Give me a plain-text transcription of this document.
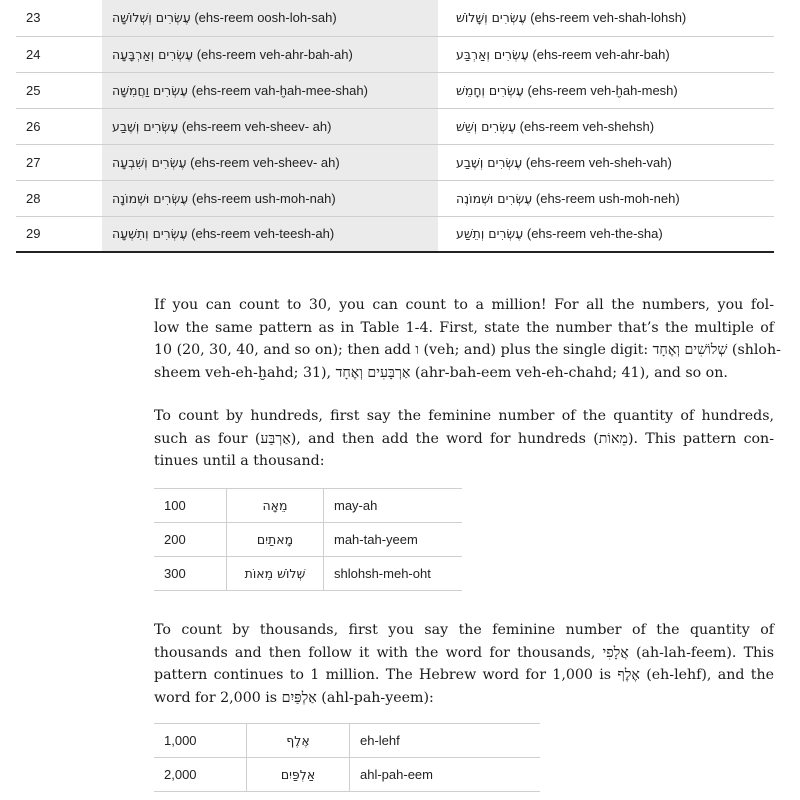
23	עֶשְׂרִים וְשְׁלוֹשָׁה (ehs-reem oosh-loh-sah)	עֶשְׂרִים וְשָׁלוֹשׁ (ehs-reem veh-shah-lohsh)
24	עֶשְׂרִים וְאַרְבָּעָה (ehs-reem veh-ahr-bah-ah)	עֶשְׂרִים וְאַרְבַּע (ehs-reem veh-ahr-bah)
25	עֶשְׂרִים וַחֲמִשָּׁה (ehs-reem vah-ḫah-mee-shah)	עֶשְׂרִים וְחָמֵשׁ (ehs-reem veh-ḫah-mesh)
26	עֶשְׂרִים וְשֶׁבַע (ehs-reem veh-sheev- ah)	עֶשְׂרִים וְשֵׁשׁ (ehs-reem veh-shehsh)
27	עֶשְׂרִים וְשִׁבְעָה (ehs-reem veh-sheev- ah)	עֶשְׂרִים וְשֶׁבַע (ehs-reem veh-sheh-vah)
28	עֶשְׂרִים וּשְׁמוֹנָה (ehs-reem ush-moh-nah)	עֶשְׂרִים וּשְׁמוֹנֶה (ehs-reem ush-moh-neh)
29	עֶשְׂרִים וְתִשְׁעָה (ehs-reem veh-teesh-ah)	עֶשְׂרִים וְתֵשַׁע (ehs-reem veh-the-sha)
If you can count to 30, you can count to a million! For all the numbers, you fol-
low the same pattern as in Table 1-4. First, state the number that’s the multiple of
10 (20, 30, 40, and so on); then add ו (veh; and) plus the single digit: שְׁלוֹשִׁים וְאֶחָד (shloh-
sheem veh-eh-ḫahd; 31), אַרְבָּעִים וְאֶחָד (ahr-bah-eem veh-eh-chahd; 41), and so on.
To count by hundreds, first say the feminine number of the quantity of hundreds,
such as four (אַרְבַּע), and then add the word for hundreds (מֵאוֹת). This pattern con-
tinues until a thousand:
100	מֵאָה	may-ah
200	מָאתַיִם	mah-tah-yeem
300	שְׁלוֹשׁ מֵאוֹת	shlohsh-meh-oht
To count by thousands, first you say the feminine number of the quantity of
thousands and then follow it with the word for thousands, אֲלָפִי (ah-lah-feem). This
pattern continues to 1 million. The Hebrew word for 1,000 is אֶלֶף (eh-lehf), and the
word for 2,000 is אַלְפַּיִם (ahl-pah-yeem):
1,000	אֶלֶף	eh-lehf
2,000	אַלְפַּיִם	ahl-pah-eem
